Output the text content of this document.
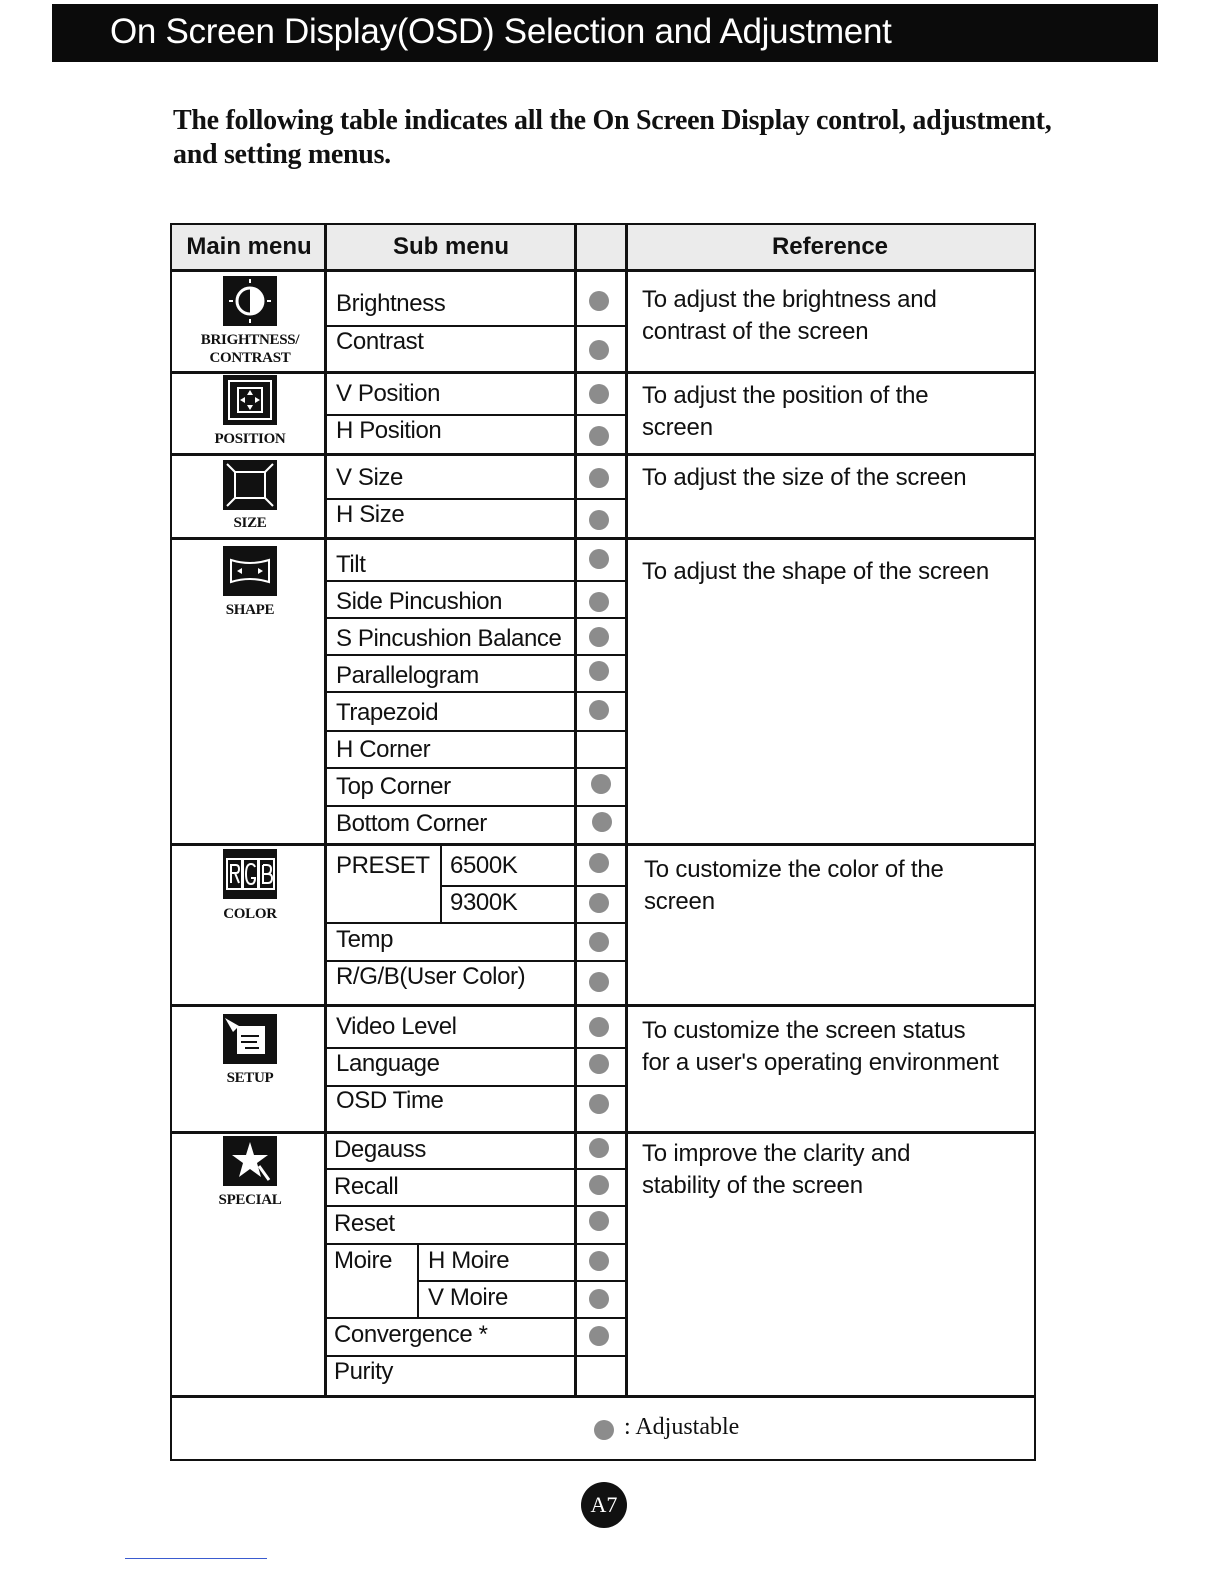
On Screen Display(OSD) Selection and Adjustment
The following table indicates all the On Screen Display control, adjustment, and setting menus.
Main menu	Sub menu	Reference
BRIGHTNESS/
CONTRAST
POSITION
SIZE
SHAPE
COLOR
SETUP
SPECIAL
Brightness
Contrast
V Position
H Position
V Size
H Size
Tilt
Side Pincushion
S Pincushion Balance
Parallelogram
Trapezoid
H Corner
Top Corner
Bottom Corner
PRESET 6500K
9300K
Temp
R/G/B(User Color)
Video Level
Language
OSD Time
Degauss
Recall
Reset
Moire H Moire
V Moire
Convergence *
Purity
To adjust the brightness and
contrast of the screen
To adjust the position of the
screen
To adjust the size of the screen
To adjust the shape of the screen
To customize the color of the
screen
To customize the screen status
for a user's operating environment
To improve the clarity and
stability of the screen
: Adjustable
A7
